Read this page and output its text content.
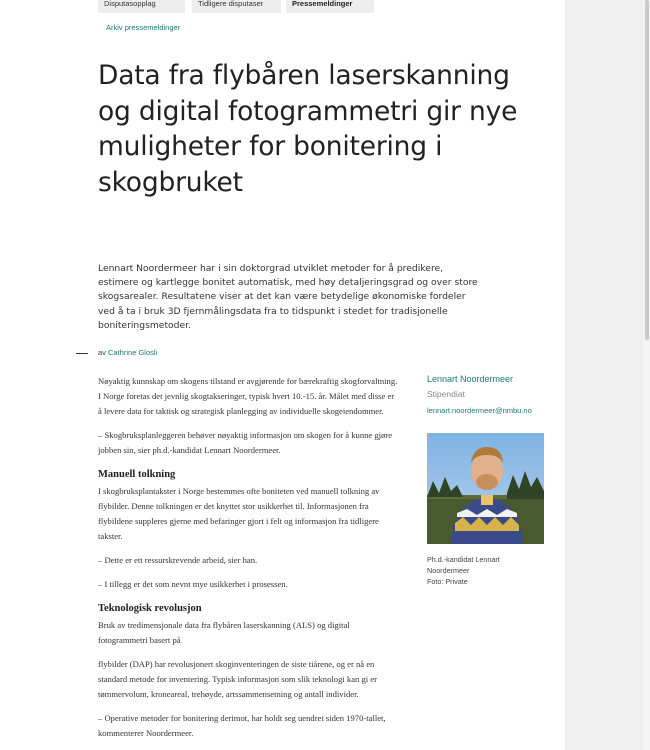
Disputasopplag	Tidligere disputaser	Pressemeldinger
Arkiv pressemeldinger
Data fra flybåren laserskanning og digital fotogrammetri gir nye muligheter for bonitering i skogbruket

Lennart Noordermeer har i sin doktorgrad utviklet metoder for å predikere, estimere og kartlegge bonitet automatisk, med høy detaljeringsgrad og over store skogsarealer. Resultatene viser at det kan være betydelige økonomiske fordeler ved å ta i bruk 3D fjernmålingsdata fra to tidspunkt i stedet for tradisjonelle boniteringsmetoder.

av Cathrine Glosli

Nøyaktig kunnskap om skogens tilstand er avgjørende for bærekraftig skogforvaltning. I Norge foretas det jevnlig skogtakseringer, typisk hvert 10.-15. år. Målet med disse er å levere data for taktisk og strategisk planlegging av individuelle skogeiendommer.

– Skogbruksplanleggeren behøver nøyaktig informasjon om skogen for å kunne gjøre jobben sin, sier ph.d.-kandidat Lennart Noordermeer.

Manuell tolkning

I skogbruksplantakster i Norge bestemmes ofte boniteten ved manuell tolkning av flybilder. Denne tolkningen er det knyttet stor usikkerhet til. Informasjonen fra flybildene suppleres gjerne med befaringer gjort i felt og informasjon fra tidligere takster.

– Dette er ett ressurskrevende arbeid, sier han.

– I tillegg er det som nevnt mye usikkerhet i prosessen.

Teknologisk revolusjon

Bruk av tredimensjonale data fra flybåren laserskanning (ALS) og digital fotogrammetri basert på

flybilder (DAP) har revolusjonert skoginventeringen de siste tiårene, og er nå en standard metode for inventering. Typisk informasjon som slik teknologi kan gi er tømmervolum, kroneareal, trehøyde, artssammensetning og antall individer.

– Operative metoder for bonitering derimot, har holdt seg uendret siden 1970-tallet, kommenterer Noordermeer.

Lennart Noordermeer
Stipendiat
lennart.noordermeer@nmbu.no
Ph.d.-kandidat Lennart
Noordermeer
Foto: Private
